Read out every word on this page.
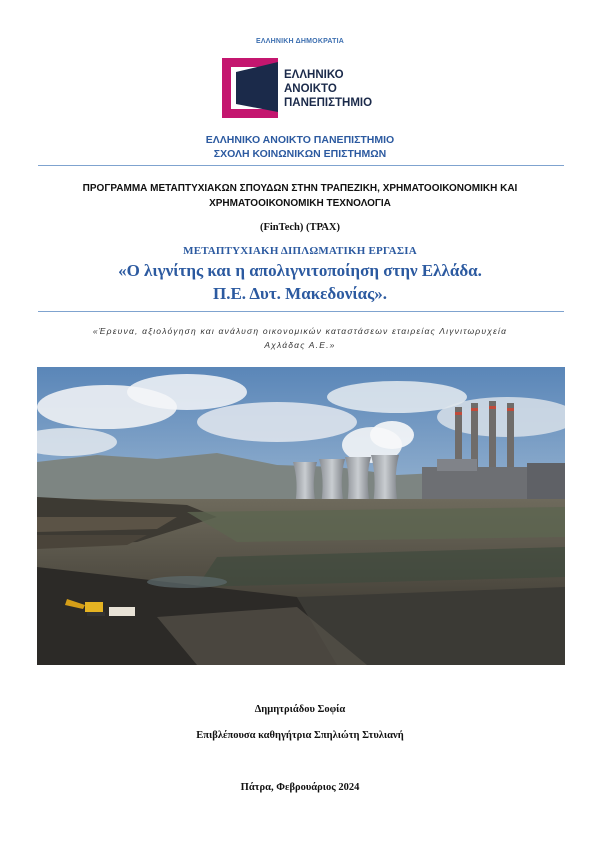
ΕΛΛΗΝΙΚΗ ΔΗΜΟΚΡΑΤΙΑ
ΕΛΛΗΝΙΚΟ
ΑΝΟΙΚΤΟ
ΠΑΝΕΠΙΣΤΗΜΙΟ
ΕΛΛΗΝΙΚΟ ΑΝΟΙΚΤΟ ΠΑΝΕΠΙΣΤΗΜΙΟ
ΣΧΟΛΗ ΚΟΙΝΩΝΙΚΩΝ ΕΠΙΣΤΗΜΩΝ
ΠΡΟΓΡΑΜΜΑ ΜΕΤΑΠΤΥΧΙΑΚΩΝ ΣΠΟΥΔΩΝ ΣΤΗΝ ΤΡΑΠΕΖΙΚΗ, ΧΡΗΜΑΤΟΟΙΚΟΝΟΜΙΚΗ ΚΑΙ
ΧΡΗΜΑΤΟΟΙΚΟΝΟΜΙΚΗ ΤΕΧΝΟΛΟΓΙΑ
(FinTech) (ΤΡΑΧ)
ΜΕΤΑΠΤΥΧΙΑΚΗ ΔΙΠΛΩΜΑΤΙΚΗ ΕΡΓΑΣΙΑ
«Ο λιγνίτης και η απολιγνιτοποίηση στην Ελλάδα.
Π.Ε. Δυτ. Μακεδονίας».
«Έρευνα, αξιολόγηση και ανάλυση οικονομικών καταστάσεων εταιρείας Λιγνιτωρυχεία
Αχλάδας Α.Ε.»
Δημητριάδου Σοφία
Επιβλέπουσα καθηγήτρια Σπηλιώτη Στυλιανή
Πάτρα, Φεβρουάριος 2024
